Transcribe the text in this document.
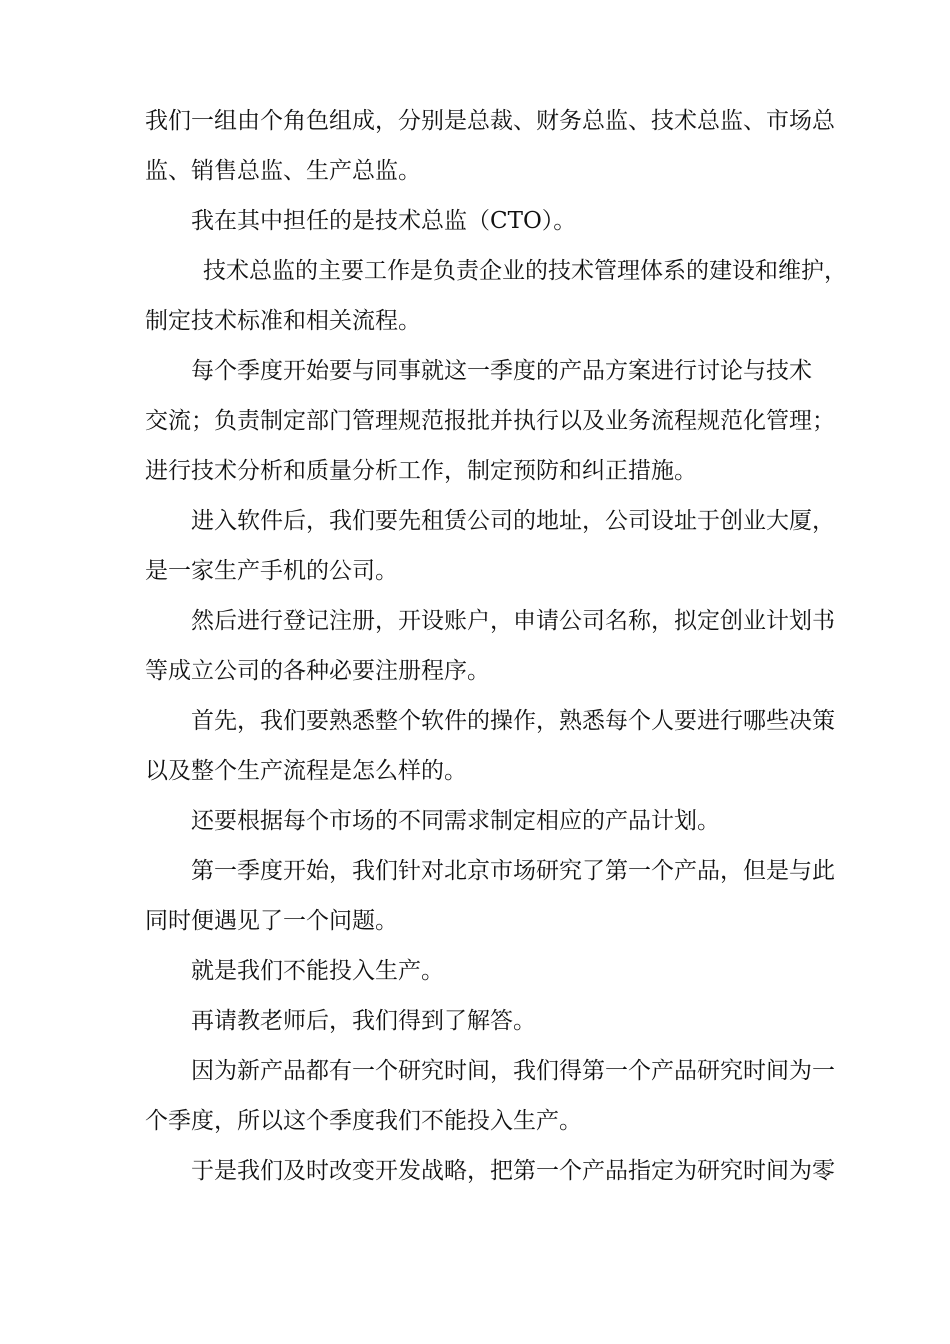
我们一组由个角色组成，分别是总裁、财务总监、技术总监、市场总
监、销售总监、生产总监。
我在其中担任的是技术总监（CTO）。
技术总监的主要工作是负责企业的技术管理体系的建设和维护，
制定技术标准和相关流程。
每个季度开始要与同事就这一季度的产品方案进行讨论与技术
交流；负责制定部门管理规范报批并执行以及业务流程规范化管理；
进行技术分析和质量分析工作，制定预防和纠正措施。
进入软件后，我们要先租赁公司的地址，公司设址于创业大厦，
是一家生产手机的公司。
然后进行登记注册，开设账户，申请公司名称，拟定创业计划书
等成立公司的各种必要注册程序。
首先，我们要熟悉整个软件的操作，熟悉每个人要进行哪些决策
以及整个生产流程是怎么样的。
还要根据每个市场的不同需求制定相应的产品计划。
第一季度开始，我们针对北京市场研究了第一个产品，但是与此
同时便遇见了一个问题。
就是我们不能投入生产。
再请教老师后，我们得到了解答。
因为新产品都有一个研究时间，我们得第一个产品研究时间为一
个季度，所以这个季度我们不能投入生产。
于是我们及时改变开发战略，把第一个产品指定为研究时间为零
